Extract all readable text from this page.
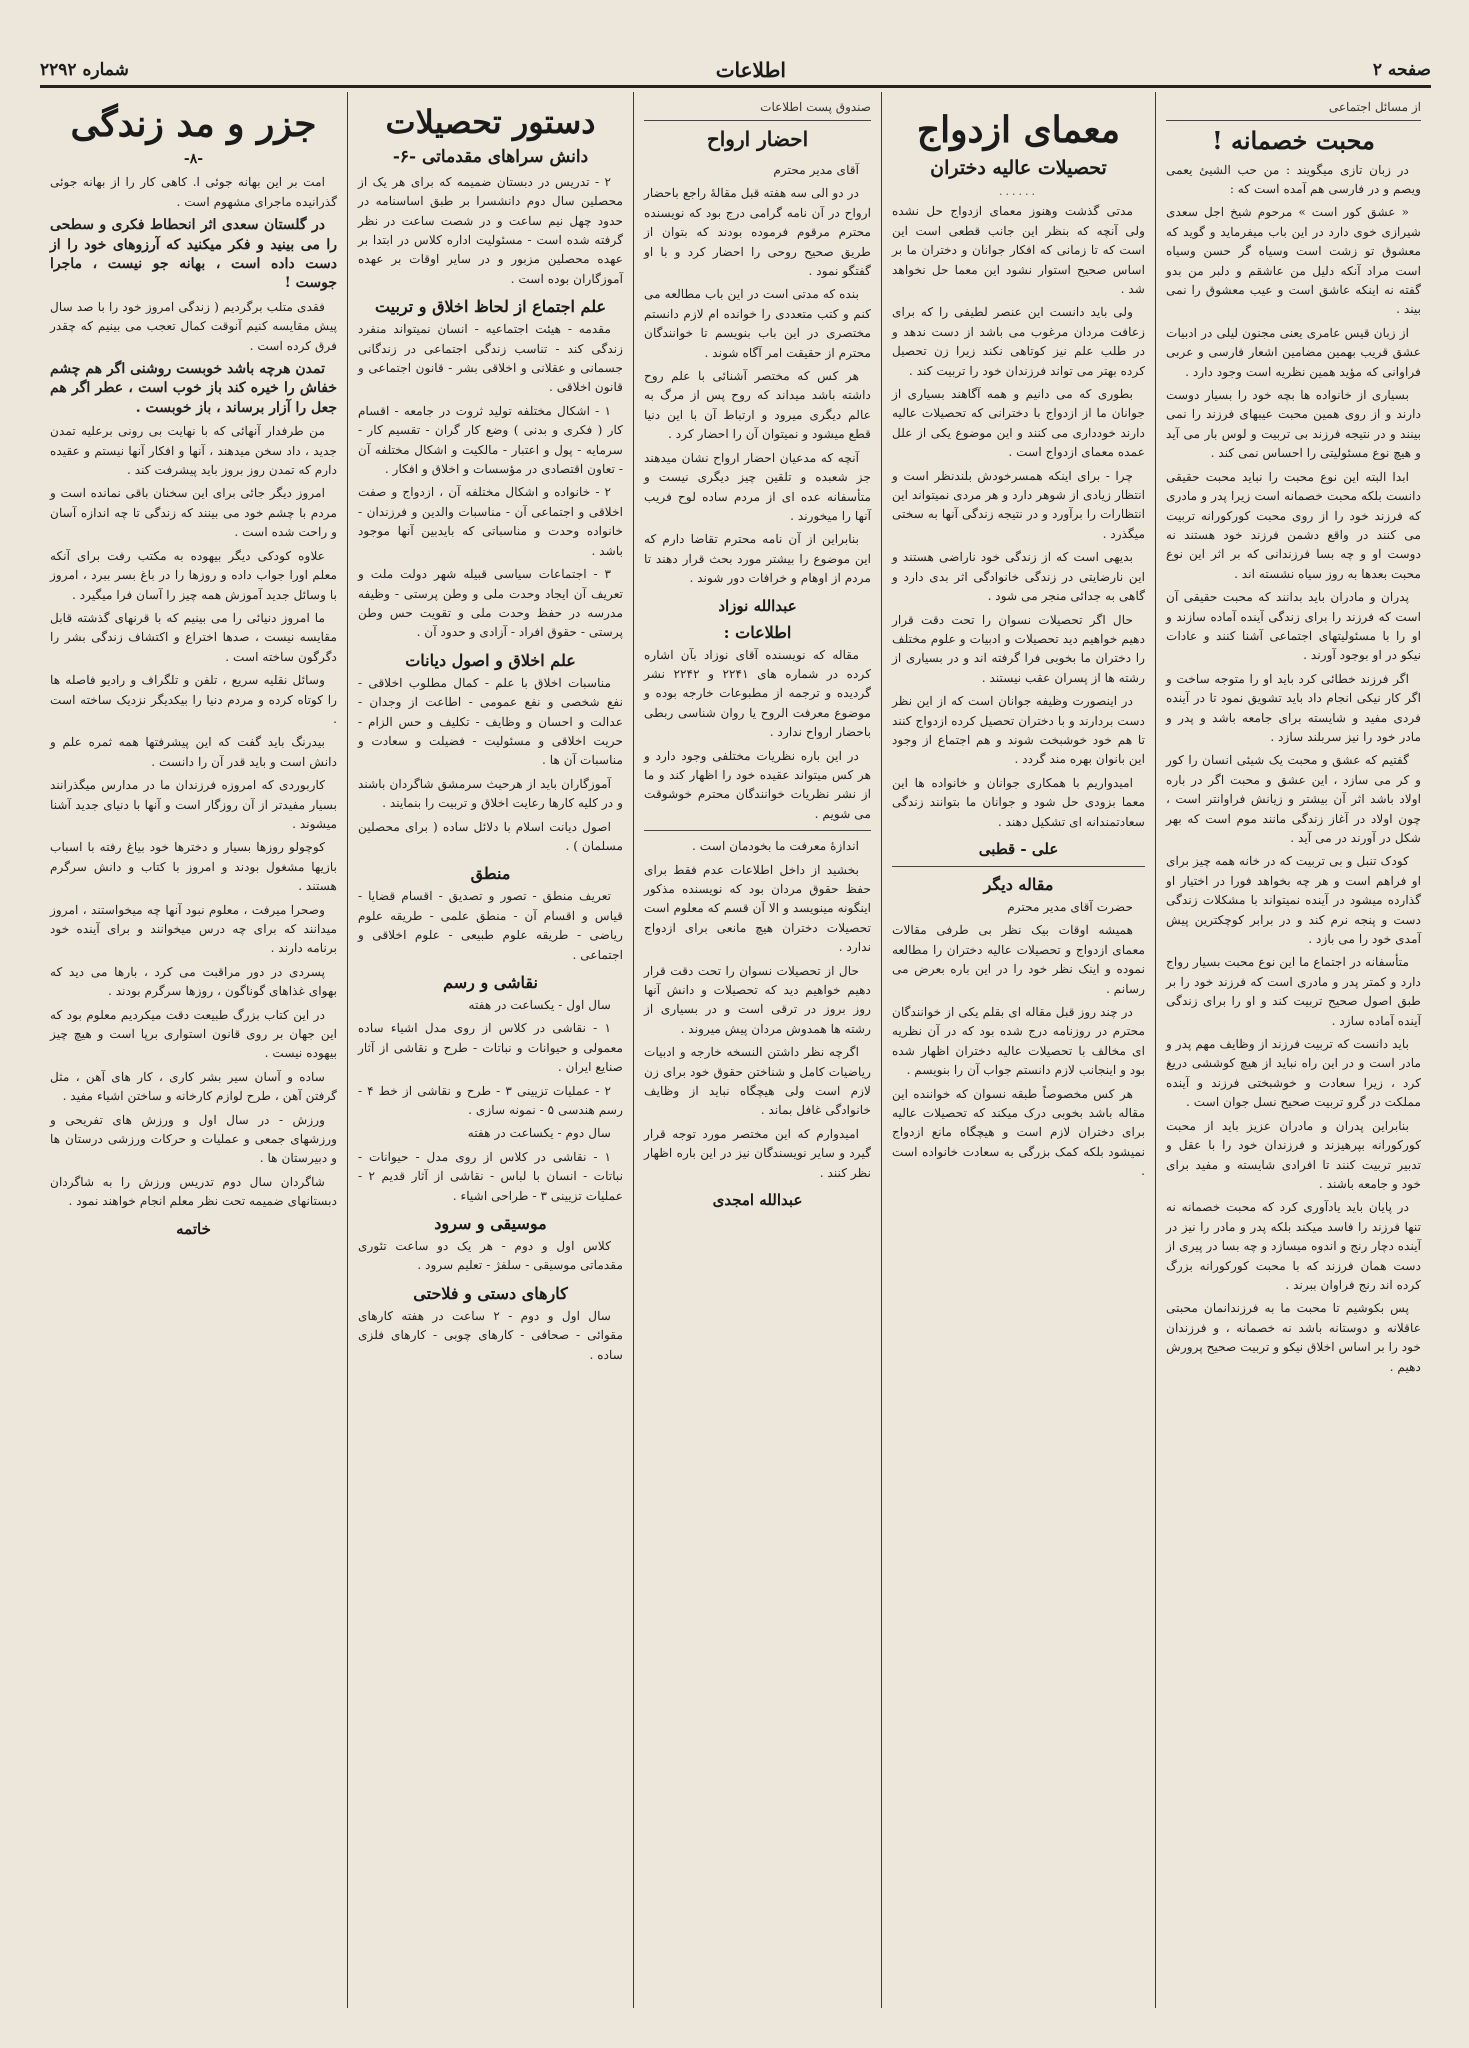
صفحه ۲
اطلاعات
شماره ۲۲۹۲
از مسائل اجتماعی
محبت خصمانه !

در زبان تازی میگویند : من حب الشیئ یعمی ویصم و در فارسی هم آمده است که :

« عشق کور است » مرحوم شیخ اجل سعدی شیرازی خوی دارد در این باب میفرماید و گوید که معشوق تو زشت است وسیاه گر حسن وسیاه است مراد آنکه دلیل من عاشقم و دلبر من بدو گفته نه اینکه عاشق است و عیب معشوق را نمی بیند .

از زبان قیس عامری یعنی مجنون لیلی در ادبیات عشق قریب بهمین مضامین اشعار فارسی و عربی فراوانی که مؤید همین نظریه است وجود دارد .

بسیاری از خانواده ها بچه خود را بسیار دوست دارند و از روی همین محبت عیبهای فرزند را نمی بینند و در نتیجه فرزند بی تربیت و لوس بار می آید و هیچ نوع مسئولیتی را احساس نمی کند .

ابدا البته این نوع محبت را نباید محبت حقیقی دانست بلکه محبت خصمانه است زیرا پدر و مادری که فرزند خود را از روی محبت کورکورانه تربیت می کنند در واقع دشمن فرزند خود هستند نه دوست او و چه بسا فرزندانی که بر اثر این نوع محبت بعدها به روز سیاه نشسته اند .

پدران و مادران باید بدانند که محبت حقیقی آن است که فرزند را برای زندگی آینده آماده سازند و او را با مسئولیتهای اجتماعی آشنا کنند و عادات نیکو در او بوجود آورند .

اگر فرزند خطائی کرد باید او را متوجه ساخت و اگر کار نیکی انجام داد باید تشویق نمود تا در آینده فردی مفید و شایسته برای جامعه باشد و پدر و مادر خود را نیز سربلند سازد .

گفتیم که عشق و محبت یک شیئی انسان را کور و کر می سازد ، این عشق و محبت اگر در باره اولاد باشد اثر آن بیشتر و زیانش فراوانتر است ، چون اولاد در آغاز زندگی مانند موم است که بهر شکل در آورند در می آید .

کودک تنبل و بی تربیت که در خانه همه چیز برای او فراهم است و هر چه بخواهد فورا در اختیار او گذارده میشود در آینده نمیتواند با مشکلات زندگی دست و پنجه نرم کند و در برابر کوچکترین پیش آمدی خود را می بازد .

متأسفانه در اجتماع ما این نوع محبت بسیار رواج دارد و کمتر پدر و مادری است که فرزند خود را بر طبق اصول صحیح تربیت کند و او را برای زندگی آینده آماده سازد .

باید دانست که تربیت فرزند از وظایف مهم پدر و مادر است و در این راه نباید از هیچ کوششی دریغ کرد ، زیرا سعادت و خوشبختی فرزند و آینده مملکت در گرو تربیت صحیح نسل جوان است .

بنابراین پدران و مادران عزیز باید از محبت کورکورانه بپرهیزند و فرزندان خود را با عقل و تدبیر تربیت کنند تا افرادی شایسته و مفید برای خود و جامعه باشند .

در پایان باید یادآوری کرد که محبت خصمانه نه تنها فرزند را فاسد میکند بلکه پدر و مادر را نیز در آینده دچار رنج و اندوه میسازد و چه بسا در پیری از دست همان فرزند که با محبت کورکورانه بزرگ کرده اند رنج فراوان ببرند .

پس بکوشیم تا محبت ما به فرزندانمان محبتی عاقلانه و دوستانه باشد نه خصمانه ، و فرزندان خود را بر اساس اخلاق نیکو و تربیت صحیح پرورش دهیم .

معمای ازدواج
تحصیلات عالیه دختران
......

مدتی گذشت وهنوز معمای ازدواج حل نشده ولی آنچه که بنظر این جانب قطعی است این است که تا زمانی که افکار جوانان و دختران ما بر اساس صحیح استوار نشود این معما حل نخواهد شد .

ولی باید دانست این عنصر لطیفی را که برای زعافت مردان مرغوب می باشد از دست ندهد و در طلب علم نیز کوتاهی نکند زیرا زن تحصیل کرده بهتر می تواند فرزندان خود را تربیت کند .

بطوری که می دانیم و همه آگاهند بسیاری از جوانان ما از ازدواج با دخترانی که تحصیلات عالیه دارند خودداری می کنند و این موضوع یکی از علل عمده معمای ازدواج است .

چرا - برای اینکه همسرخودش بلندنظر است و انتظار زیادی از شوهر دارد و هر مردی نمیتواند این انتظارات را برآورد و در نتیجه زندگی آنها به سختی میگذرد .

بدیهی است که از زندگی خود ناراضی هستند و این نارضایتی در زندگی خانوادگی اثر بدی دارد و گاهی به جدائی منجر می شود .

حال اگر تحصیلات نسوان را تحت دقت قرار دهیم خواهیم دید تحصیلات و ادبیات و علوم مختلف را دختران ما بخوبی فرا گرفته اند و در بسیاری از رشته ها از پسران عقب نیستند .

در اینصورت وظیفه جوانان است که از این نظر دست بردارند و با دختران تحصیل کرده ازدواج کنند تا هم خود خوشبخت شوند و هم اجتماع از وجود این بانوان بهره مند گردد .

امیدواریم با همکاری جوانان و خانواده ها این معما بزودی حل شود و جوانان ما بتوانند زندگی سعادتمندانه ای تشکیل دهند .

علی - قطبی
مقاله دیگر

حضرت آقای مدیر محترم

همیشه اوقات بیک نظر بی طرفی مقالات معمای ازدواج و تحصیلات عالیه دختران را مطالعه نموده و اینک نظر خود را در این باره بعرض می رسانم .

در چند روز قبل مقاله ای بقلم یکی از خوانندگان محترم در روزنامه درج شده بود که در آن نظریه ای مخالف با تحصیلات عالیه دختران اظهار شده بود و اینجانب لازم دانستم جواب آن را بنویسم .

هر کس مخصوصاً طبقه نسوان که خواننده این مقاله باشد بخوبی درک میکند که تحصیلات عالیه برای دختران لازم است و هیچگاه مانع ازدواج نمیشود بلکه کمک بزرگی به سعادت خانواده است .

صندوق پست اطلاعات
احضار ارواح

آقای مدیر محترم

در دو الی سه هفته قبل مقالهٔ راجع باحضار ارواح در آن نامه گرامی درج بود که نویسنده محترم مرقوم فرموده بودند که بتوان از طریق صحیح روحی را احضار کرد و با او گفتگو نمود .

بنده که مدتی است در این باب مطالعه می کنم و کتب متعددی را خوانده ام لازم دانستم مختصری در این باب بنویسم تا خوانندگان محترم از حقیقت امر آگاه شوند .

هر کس که مختصر آشنائی با علم روح داشته باشد میداند که روح پس از مرگ به عالم دیگری میرود و ارتباط آن با این دنیا قطع میشود و نمیتوان آن را احضار کرد .

آنچه که مدعیان احضار ارواح نشان میدهند جز شعبده و تلقین چیز دیگری نیست و متأسفانه عده ای از مردم ساده لوح فریب آنها را میخورند .

بنابراین از آن نامه محترم تقاضا دارم که این موضوع را بیشتر مورد بحث قرار دهند تا مردم از اوهام و خرافات دور شوند .

عبدالله نوزاد
اطلاعات :

مقاله که نویسنده آقای نوزاد بآن اشاره کرده در شماره های ۲۲۴۱ و ۲۲۴۲ نشر گردیده و ترجمه از مطبوعات خارجه بوده و موضوع معرفت الروح یا روان شناسی ربطی باحضار ارواح ندارد .

در این باره نظریات مختلفی وجود دارد و هر کس میتواند عقیده خود را اظهار کند و ما از نشر نظریات خوانندگان محترم خوشوقت می شویم .

اندازهٔ معرفت ما بخودمان است .

بخشید از داخل اطلاعات عدم فقط برای حفظ حقوق مردان بود که نویسنده مذکور اینگونه مینویسد و الا آن قسم که معلوم است تحصیلات دختران هیچ مانعی برای ازدواج ندارد .

حال از تحصیلات نسوان را تحت دقت قرار دهیم خواهیم دید که تحصیلات و دانش آنها روز بروز در ترقی است و در بسیاری از رشته ها همدوش مردان پیش میروند .

اگرچه نظر داشتن النسخه خارجه و ادبیات ریاضیات کامل و شناختن حقوق خود برای زن لازم است ولی هیچگاه نباید از وظایف خانوادگی غافل بماند .

امیدوارم که این مختصر مورد توجه قرار گیرد و سایر نویسندگان نیز در این باره اظهار نظر کنند .

عبدالله امجدی
دستور تحصیلات
دانش سراهای مقدماتی -۶-

۲ - تدریس در دبستان ضمیمه که برای هر یک از محصلین سال دوم دانشسرا بر طبق اساسنامه در حدود چهل نیم ساعت و در شصت ساعت در نظر گرفته شده است - مسئولیت اداره کلاس در ابتدا بر عهده محصلین مزبور و در سایر اوقات بر عهده آموزگاران بوده است .

علم اجتماع از لحاظ اخلاق و تربیت

مقدمه - هیئت اجتماعیه - انسان نمیتواند منفرد زندگی کند - تناسب زندگی اجتماعی در زندگانی جسمانی و عقلانی و اخلاقی بشر - قانون اجتماعی و قانون اخلاقی .

۱ - اشکال مختلفه تولید ثروت در جامعه - اقسام کار ( فکری و بدنی ) وضع کار گران - تقسیم کار - سرمایه - پول و اعتبار - مالکیت و اشکال مختلفه آن - تعاون اقتصادی در مؤسسات و اخلاق و افکار .

۲ - خانواده و اشکال مختلفه آن ، ازدواج و صفت اخلاقی و اجتماعی آن - مناسبات والدین و فرزندان - خانواده وحدت و مناسباتی که بایدبین آنها موجود باشد .

۳ - اجتماعات سیاسی قبیله شهر دولت ملت و تعریف آن ایجاد وحدت ملی و وطن پرستی - وظیفه مدرسه در حفظ وحدت ملی و تقویت حس وطن پرستی - حقوق افراد - آزادی و حدود آن .

علم اخلاق و اصول دیانات

مناسبات اخلاق با علم - کمال مطلوب اخلاقی - نفع شخصی و نفع عمومی - اطاعت از وجدان - عدالت و احسان و وظایف - تکلیف و حس الزام - حریت اخلاقی و مسئولیت - فضیلت و سعادت و مناسبات آن ها .

آموزگاران باید از هرحیث سرمشق شاگردان باشند و در کلیه کارها رعایت اخلاق و تربیت را بنمایند .

اصول دیانت اسلام با دلائل ساده ( برای محصلین مسلمان ) .

منطق

تعریف منطق - تصور و تصدیق - اقسام قضایا - قیاس و اقسام آن - منطق علمی - طریقه علوم ریاضی - طریقه علوم طبیعی - علوم اخلاقی و اجتماعی .

نقاشی و رسم

سال اول - یکساعت در هفته

۱ - نقاشی در کلاس از روی مدل اشیاء ساده معمولی و حیوانات و نباتات - طرح و نقاشی از آثار صنایع ایران .

۲ - عملیات تزیینی ۳ - طرح و نقاشی از خط ۴ - رسم هندسی ۵ - نمونه سازی .

سال دوم - یکساعت در هفته

۱ - نقاشی در کلاس از روی مدل - حیوانات - نباتات - انسان با لباس - نقاشی از آثار قدیم ۲ - عملیات تزیینی ۳ - طراحی اشیاء .

موسیقی و سرود

کلاس اول و دوم - هر یک دو ساعت تئوری مقدماتی موسیقی - سلفژ - تعلیم سرود .

کارهای دستی و فلاحتی

سال اول و دوم - ۲ ساعت در هفته کارهای مقوائی - صحافی - کارهای چوبی - کارهای فلزی ساده .

جزر و مد زندگی
-۸-

امت بر این بهانه جوئی ا. کاهی کار را از بهانه جوئی گذرانیده ماجرای مشهوم است .

در گلستان سعدی اثر انحطاط فکری و سطحی را می بینید و فکر میکنید که آرزوهای خود را از دست داده است ، بهانه جو نیست ، ماجرا جوست !

فقدی متلب برگردیم ( زندگی امروز خود را با صد سال پیش مقایسه کنیم آنوقت کمال تعجب می بینیم که چقدر فرق کرده است .

تمدن هرچه باشد خوبست روشنی اگر هم چشم خفاش را خیره کند باز خوب است ، عطر اگر هم جعل را آزار برساند ، باز خوبست .

من طرفدار آنهائی که با نهایت بی رونی برعلیه تمدن جدید ، داد سخن میدهند ، آنها و افکار آنها نیستم و عقیده دارم که تمدن روز بروز باید پیشرفت کند .

امروز دیگر جائی برای این سخنان باقی نمانده است و مردم با چشم خود می بینند که زندگی تا چه اندازه آسان و راحت شده است .

علاوه کودکی دیگر بیهوده به مکتب رفت برای آنکه معلم اورا جواب داده و روزها را در باغ بسر ببرد ، امروز با وسائل جدید آموزش همه چیز را آسان فرا میگیرد .

ما امروز دنیائی را می بینیم که با قرنهای گذشته قابل مقایسه نیست ، صدها اختراع و اکتشاف زندگی بشر را دگرگون ساخته است .

وسائل نقلیه سریع ، تلفن و تلگراف و رادیو فاصله ها را کوتاه کرده و مردم دنیا را بیکدیگر نزدیک ساخته است .

بیدرنگ باید گفت که این پیشرفتها همه ثمره علم و دانش است و باید قدر آن را دانست .

کاربوردی که امروزه فرزندان ما در مدارس میگذرانند بسیار مفیدتر از آن روزگار است و آنها با دنیای جدید آشنا میشوند .

کوچولو روزها بسیار و دخترها خود بیاغ رفته با اسباب بازیها مشغول بودند و امروز با کتاب و دانش سرگرم هستند .

وصحرا میرفت ، معلوم نبود آنها چه میخواستند ، امروز میدانند که برای چه درس میخوانند و برای آینده خود برنامه دارند .

پسردی در دور مراقبت می کرد ، بارها می دید که بهوای غذاهای گوناگون ، روزها سرگرم بودند .

در این کتاب بزرگ طبیعت دقت میکردیم معلوم بود که این جهان بر روی قانون استواری برپا است و هیچ چیز بیهوده نیست .

ساده و آسان سیر بشر کاری ، کار های آهن ، مثل گرفتن آهن ، طرح لوازم کارخانه و ساختن اشیاء مفید .

ورزش - در سال اول و ورزش های تفریحی و ورزشهای جمعی و عملیات و حرکات ورزشی درستان ها و دبیرستان ها .

شاگردان سال دوم تدریس ورزش را به شاگردان دبستانهای ضمیمه تحت نظر معلم انجام خواهند نمود .

خاتمه
